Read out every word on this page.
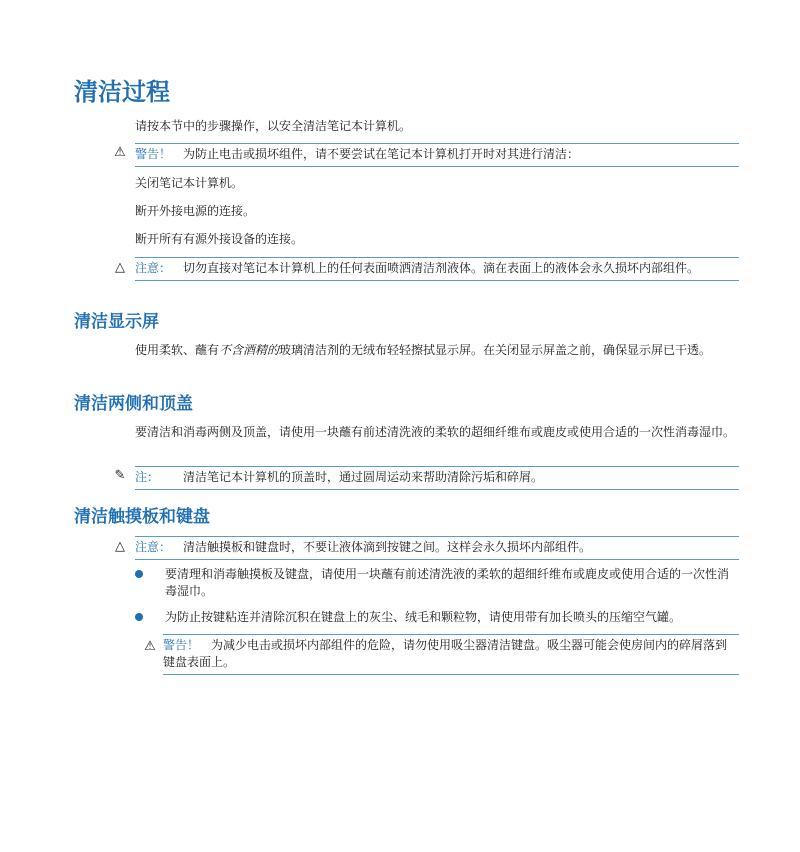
清洁过程

请按本节中的步骤操作，以安全清洁笔记本计算机。

⚠ 警告！ 为防止电击或损坏组件，请不要尝试在笔记本计算机打开时对其进行清洁：

关闭笔记本计算机。

断开外接电源的连接。

断开所有有源外接设备的连接。

△ 注意： 切勿直接对笔记本计算机上的任何表面喷洒清洁剂液体。滴在表面上的液体会永久损坏内部组件。
清洁显示屏

使用柔软、蘸有不含酒精的玻璃清洁剂的无绒布轻轻擦拭显示屏。在关闭显示屏盖之前，确保显示屏已干透。

清洁两侧和顶盖

要清洁和消毒两侧及顶盖，请使用一块蘸有前述清洗液的柔软的超细纤维布或鹿皮或使用合适的一次性消毒湿巾。

✎ 注： 清洁笔记本计算机的顶盖时，通过圆周运动来帮助清除污垢和碎屑。
清洁触摸板和键盘
△ 注意： 清洁触摸板和键盘时，不要让液体滴到按键之间。这样会永久损坏内部组件。

要清理和消毒触摸板及键盘，请使用一块蘸有前述清洗液的柔软的超细纤维布或鹿皮或使用合适的一次性消毒湿巾。

为防止按键粘连并清除沉积在键盘上的灰尘、绒毛和颗粒物，请使用带有加长喷头的压缩空气罐。

⚠ 警告！ 为减少电击或损坏内部组件的危险，请勿使用吸尘器清洁键盘。吸尘器可能会使房间内的碎屑落到键盘表面上。
